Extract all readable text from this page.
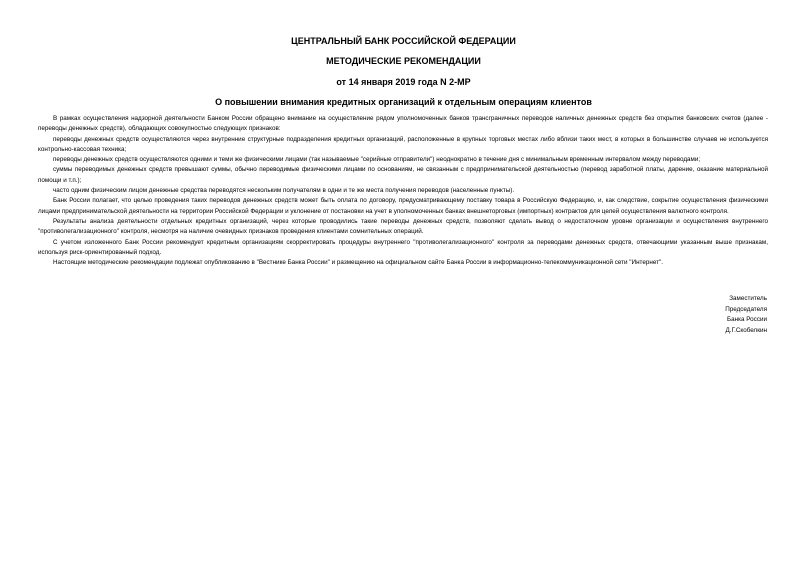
ЦЕНТРАЛЬНЫЙ БАНК РОССИЙСКОЙ ФЕДЕРАЦИИ
МЕТОДИЧЕСКИЕ РЕКОМЕНДАЦИИ
от 14 января 2019 года N 2-МР
О повышении внимания кредитных организаций к отдельным операциям клиентов

В рамках осуществления надзорной деятельности Банком России обращено внимание на осуществление рядом уполномоченных банков трансграничных переводов наличных денежных средств без открытия банковских счетов (далее - переводы денежных средств), обладающих совокупностью следующих признаков:

переводы денежных средств осуществляются через внутренние структурные подразделения кредитных организаций, расположенные в крупных торговых местах либо вблизи таких мест, в которых в большинстве случаев не используется контрольно-кассовая техника;

переводы денежных средств осуществляются одними и теми же физическими лицами (так называемые "серийные отправители") неоднократно в течение дня с минимальным временным интервалом между переводами;

суммы переводимых денежных средств превышают суммы, обычно переводимые физическими лицами по основаниям, не связанным с предпринимательской деятельностью (перевод заработной платы, дарение, оказание материальной помощи и т.п.);

часто одним физическим лицом денежные средства переводятся нескольким получателям в одни и те же места получения переводов (населенные пункты).

Банк России полагает, что целью проведения таких переводов денежных средств может быть оплата по договору, предусматривающему поставку товара в Российскую Федерацию, и, как следствие, сокрытие осуществления физическими лицами предпринимательской деятельности на территории Российской Федерации и уклонение от постановки на учет в уполномоченных банках внешнеторговых (импортных) контрактов для целей осуществления валютного контроля.

Результаты анализа деятельности отдельных кредитных организаций, через которые проводились такие переводы денежных средств, позволяют сделать вывод о недостаточном уровне организации и осуществления внутреннего "противолегализационного" контроля, несмотря на наличие очевидных признаков проведения клиентами сомнительных операций.

С учетом изложенного Банк России рекомендует кредитным организациям скорректировать процедуры внутреннего "противолегализационного" контроля за переводами денежных средств, отвечающими указанным выше признакам, используя риск-ориентированный подход.

Настоящие методические рекомендации подлежат опубликованию в "Вестнике Банка России" и размещению на официальном сайте Банка России в информационно-телекоммуникационной сети "Интернет".

Заместитель
Председателя
Банка России
Д.Г.Скобелкин
